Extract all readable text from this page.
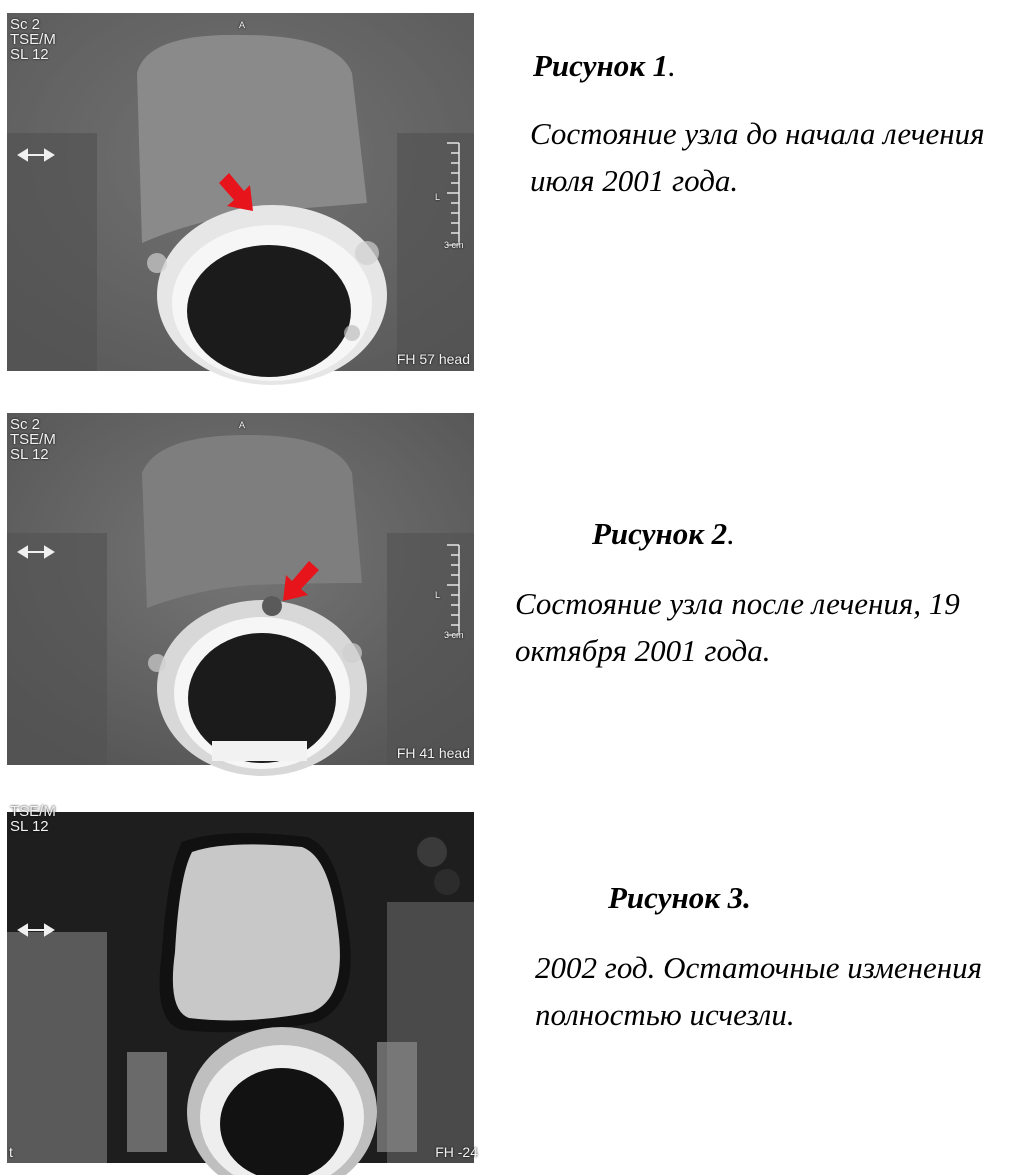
Sc 2
TSE/M
SL 12
A
L
3 cm
FH 57 head
Рисунок 1.
Состояние узла до начала лечения
июля 2001 года.
Sc 2
TSE/M
SL 12
A
L
3 cm
FH 41 head
Рисунок 2.
Состояние узла после лечения, 19
октября 2001 года.
TSE/M
SL 12
t	FH -24
Рисунок 3.
2002 год. Остаточные изменения
полностью исчезли.
